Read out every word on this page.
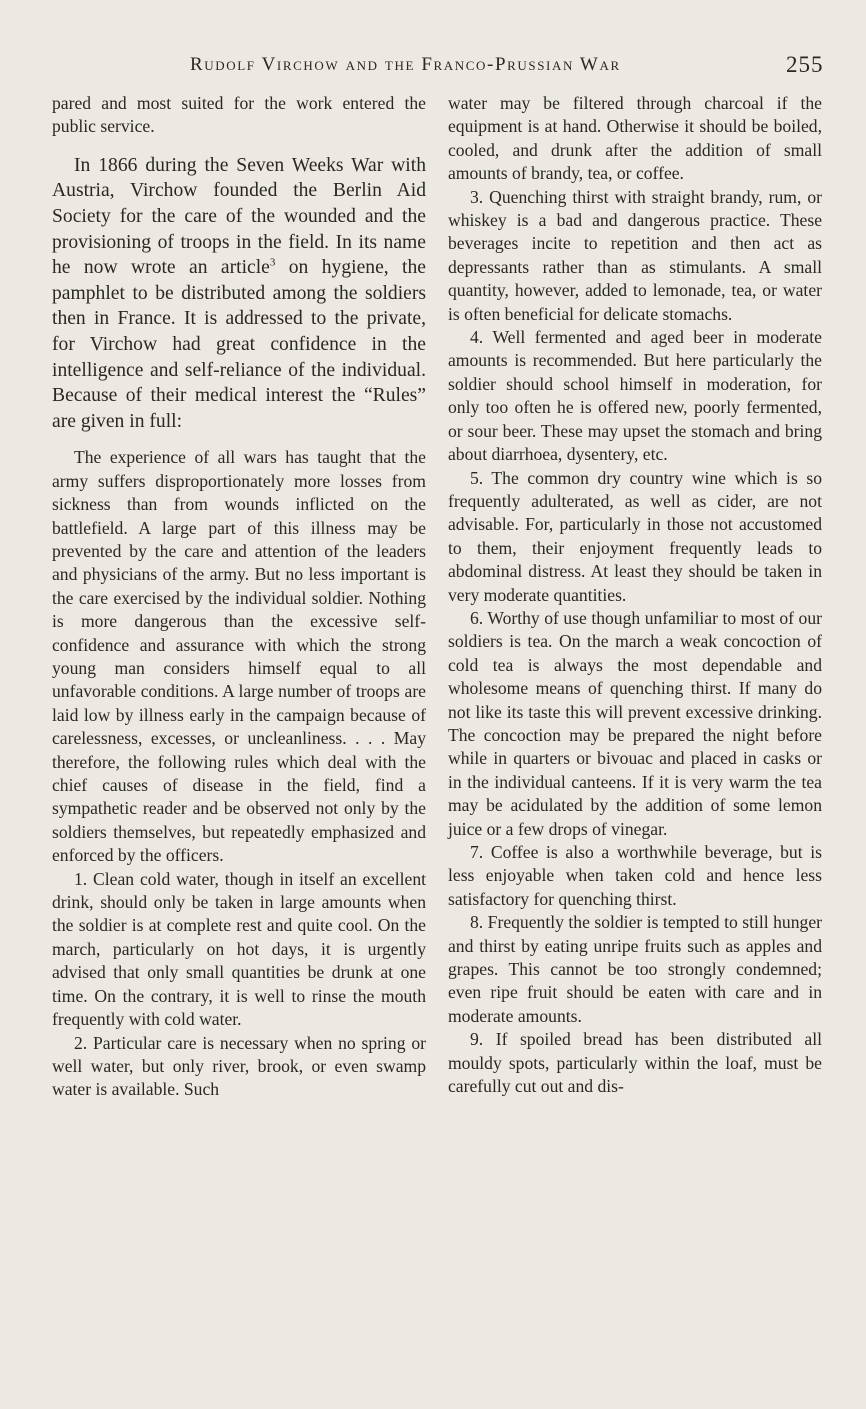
Rudolf Virchow and the Franco-Prussian War	255

pared and most suited for the work entered the public service.

In 1866 during the Seven Weeks War with Austria, Virchow founded the Berlin Aid Society for the care of the wounded and the provisioning of troops in the field. In its name he now wrote an article$^3$ on hygiene, the pamphlet to be distributed among the soldiers then in France. It is addressed to the private, for Virchow had great confidence in the intelligence and self-reliance of the individual. Because of their medical interest the “Rules” are given in full:

The experience of all wars has taught that the army suffers disproportionately more losses from sickness than from wounds inflicted on the battlefield. A large part of this illness may be prevented by the care and attention of the leaders and physicians of the army. But no less important is the care exercised by the individual soldier. Nothing is more dangerous than the excessive self-confidence and assurance with which the strong young man considers himself equal to all unfavorable conditions. A large number of troops are laid low by illness early in the campaign because of carelessness, excesses, or uncleanliness. . . . May therefore, the following rules which deal with the chief causes of disease in the field, find a sympathetic reader and be observed not only by the soldiers themselves, but repeatedly emphasized and enforced by the officers.

1. Clean cold water, though in itself an excellent drink, should only be taken in large amounts when the soldier is at complete rest and quite cool. On the march, particularly on hot days, it is urgently advised that only small quantities be drunk at one time. On the contrary, it is well to rinse the mouth frequently with cold water.

2. Particular care is necessary when no spring or well water, but only river, brook, or even swamp water is available. Such

water may be filtered through charcoal if the equipment is at hand. Otherwise it should be boiled, cooled, and drunk after the addition of small amounts of brandy, tea, or coffee.

3. Quenching thirst with straight brandy, rum, or whiskey is a bad and dangerous practice. These beverages incite to repetition and then act as depressants rather than as stimulants. A small quantity, however, added to lemonade, tea, or water is often beneficial for delicate stomachs.

4. Well fermented and aged beer in moderate amounts is recommended. But here particularly the soldier should school himself in moderation, for only too often he is offered new, poorly fermented, or sour beer. These may upset the stomach and bring about diarrhoea, dysentery, etc.

5. The common dry country wine which is so frequently adulterated, as well as cider, are not advisable. For, particularly in those not accustomed to them, their enjoyment frequently leads to abdominal distress. At least they should be taken in very moderate quantities.

6. Worthy of use though unfamiliar to most of our soldiers is tea. On the march a weak concoction of cold tea is always the most dependable and wholesome means of quenching thirst. If many do not like its taste this will prevent excessive drinking. The concoction may be prepared the night before while in quarters or bivouac and placed in casks or in the individual canteens. If it is very warm the tea may be acidulated by the addition of some lemon juice or a few drops of vinegar.

7. Coffee is also a worthwhile beverage, but is less enjoyable when taken cold and hence less satisfactory for quenching thirst.

8. Frequently the soldier is tempted to still hunger and thirst by eating unripe fruits such as apples and grapes. This cannot be too strongly condemned; even ripe fruit should be eaten with care and in moderate amounts.

9. If spoiled bread has been distributed all mouldy spots, particularly within the loaf, must be carefully cut out and dis-
